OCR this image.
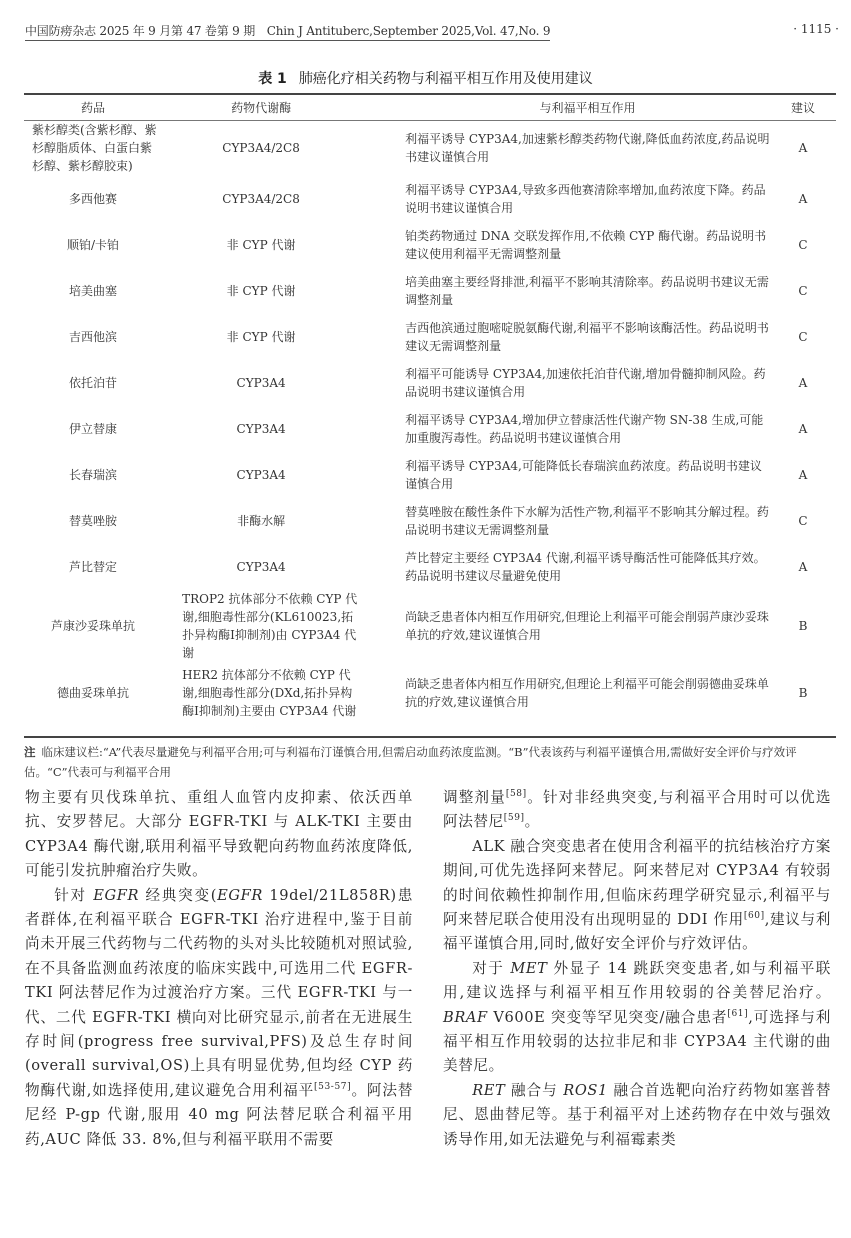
中国防痨杂志 2025 年 9 月第 47 卷第 9 期　Chin J Antituberc,September 2025,Vol. 47,No. 9	· 1115 ·
表 1 肺癌化疗相关药物与利福平相互作用及使用建议
药品	药物代谢酶	与利福平相互作用	建议
紫杉醇类(含紫杉醇、紫杉醇脂质体、白蛋白紫杉醇、紫杉醇胶束)	CYP3A4/2C8	利福平诱导 CYP3A4,加速紫杉醇类药物代谢,降低血药浓度,药品说明书建议谨慎合用	A
多西他赛	CYP3A4/2C8	利福平诱导 CYP3A4,导致多西他赛清除率增加,血药浓度下降。药品说明书建议谨慎合用	A
顺铂/卡铂	非 CYP 代谢	铂类药物通过 DNA 交联发挥作用,不依赖 CYP 酶代谢。药品说明书建议使用利福平无需调整剂量	C
培美曲塞	非 CYP 代谢	培美曲塞主要经肾排泄,利福平不影响其清除率。药品说明书建议无需调整剂量	C
吉西他滨	非 CYP 代谢	吉西他滨通过胞嘧啶脱氨酶代谢,利福平不影响该酶活性。药品说明书建议无需调整剂量	C
依托泊苷	CYP3A4	利福平可能诱导 CYP3A4,加速依托泊苷代谢,增加骨髓抑制风险。药品说明书建议谨慎合用	A
伊立替康	CYP3A4	利福平诱导 CYP3A4,增加伊立替康活性代谢产物 SN-38 生成,可能加重腹泻毒性。药品说明书建议谨慎合用	A
长春瑞滨	CYP3A4	利福平诱导 CYP3A4,可能降低长春瑞滨血药浓度。药品说明书建议谨慎合用	A
替莫唑胺	非酶水解	替莫唑胺在酸性条件下水解为活性产物,利福平不影响其分解过程。药品说明书建议无需调整剂量	C
芦比替定	CYP3A4	芦比替定主要经 CYP3A4 代谢,利福平诱导酶活性可能降低其疗效。药品说明书建议尽量避免使用	A
芦康沙妥珠单抗	TROP2 抗体部分不依赖 CYP 代谢,细胞毒性部分(KL610023,拓扑异构酶Ⅰ抑制剂)由 CYP3A4 代谢	尚缺乏患者体内相互作用研究,但理论上利福平可能会削弱芦康沙妥珠单抗的疗效,建议谨慎合用	B
德曲妥珠单抗	HER2 抗体部分不依赖 CYP 代谢,细胞毒性部分(DXd,拓扑异构酶Ⅰ抑制剂)主要由 CYP3A4 代谢	尚缺乏患者体内相互作用研究,但理论上利福平可能会削弱德曲妥珠单抗的疗效,建议谨慎合用	B
注 临床建议栏:“A”代表尽量避免与利福平合用;可与利福布汀谨慎合用,但需启动血药浓度监测。“B”代表该药与利福平谨慎合用,需做好安全评价与疗效评估。“C”代表可与利福平合用

物主要有贝伐珠单抗、重组人血管内皮抑素、依沃西单抗、安罗替尼。大部分 EGFR-TKI 与 ALK-TKI 主要由 CYP3A4 酶代谢,联用利福平导致靶向药物血药浓度降低,可能引发抗肿瘤治疗失败。

针对 EGFR 经典突变(EGFR 19del/21L858R)患者群体,在利福平联合 EGFR-TKI 治疗进程中,鉴于目前尚未开展三代药物与二代药物的头对头比较随机对照试验,在不具备监测血药浓度的临床实践中,可选用二代 EGFR-TKI 阿法替尼作为过渡治疗方案。三代 EGFR-TKI 与一代、二代 EGFR-TKI 横向对比研究显示,前者在无进展生存时间(progress free survival,PFS)及总生存时间(overall survival,OS)上具有明显优势,但均经 CYP 药物酶代谢,如选择使用,建议避免合用利福平[53-57]。阿法替尼经 P-gp 代谢,服用 40 mg 阿法替尼联合利福平用药,AUC 降低 33. 8%,但与利福平联用不需要

调整剂量[58]。针对非经典突变,与利福平合用时可以优选阿法替尼[59]。

ALK 融合突变患者在使用含利福平的抗结核治疗方案期间,可优先选择阿来替尼。阿来替尼对 CYP3A4 有较弱的时间依赖性抑制作用,但临床药理学研究显示,利福平与阿来替尼联合使用没有出现明显的 DDI 作用[60],建议与利福平谨慎合用,同时,做好安全评价与疗效评估。

对于 MET 外显子 14 跳跃突变患者,如与利福平联用,建议选择与利福平相互作用较弱的谷美替尼治疗。BRAF V600E 突变等罕见突变/融合患者[61],可选择与利福平相互作用较弱的达拉非尼和非 CYP3A4 主代谢的曲美替尼。

RET 融合与 ROS1 融合首选靶向治疗药物如塞普替尼、恩曲替尼等。基于利福平对上述药物存在中效与强效诱导作用,如无法避免与利福霉素类
